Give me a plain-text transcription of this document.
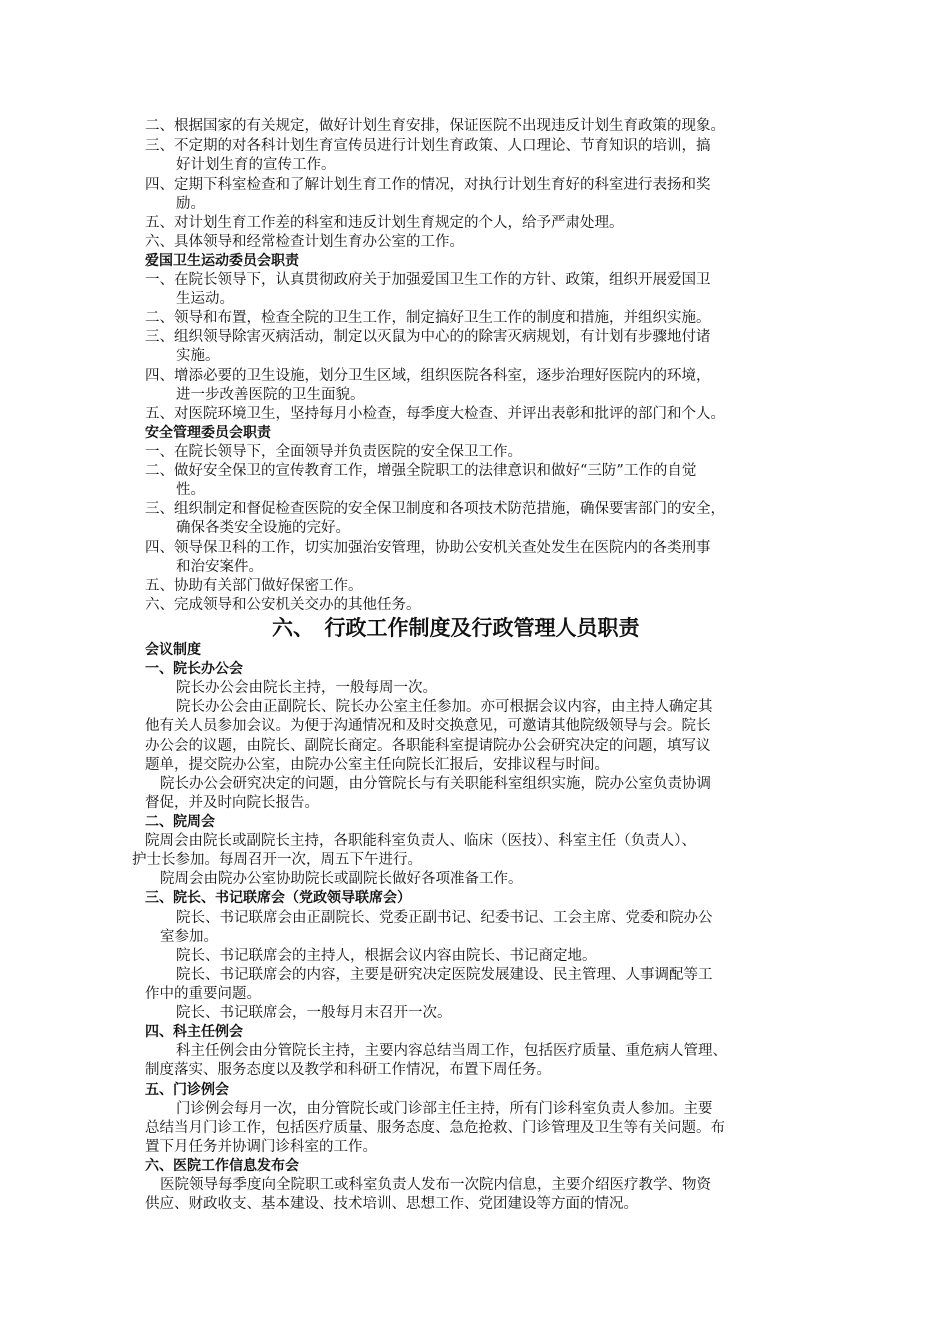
二、根据国家的有关规定，做好计划生育安排，保证医院不出现违反计划生育政策的现象。
三、不定期的对各科计划生育宣传员进行计划生育政策、人口理论、节育知识的培训，搞
好计划生育的宣传工作。
四、定期下科室检查和了解计划生育工作的情况，对执行计划生育好的科室进行表扬和奖
励。
五、对计划生育工作差的科室和违反计划生育规定的个人，给予严肃处理。
六、具体领导和经常检查计划生育办公室的工作。
爱国卫生运动委员会职责
一、在院长领导下，认真贯彻政府关于加强爱国卫生工作的方针、政策，组织开展爱国卫
生运动。
二、领导和布置，检查全院的卫生工作，制定搞好卫生工作的制度和措施，并组织实施。
三、组织领导除害灭病活动，制定以灭鼠为中心的的除害灭病规划，有计划有步骤地付诸
实施。
四、增添必要的卫生设施，划分卫生区域，组织医院各科室，逐步治理好医院内的环境，
进一步改善医院的卫生面貌。
五、对医院环境卫生，坚持每月小检查，每季度大检查、并评出表彰和批评的部门和个人。
安全管理委员会职责
一、在院长领导下，全面领导并负责医院的安全保卫工作。
二、做好安全保卫的宣传教育工作，增强全院职工的法律意识和做好“三防”工作的自觉
性。
三、组织制定和督促检查医院的安全保卫制度和各项技术防范措施，确保要害部门的安全，
确保各类安全设施的完好。
四、领导保卫科的工作，切实加强治安管理，协助公安机关查处发生在医院内的各类刑事
和治安案件。
五、协助有关部门做好保密工作。
六、完成领导和公安机关交办的其他任务。
六、　行政工作制度及行政管理人员职责
会议制度
一、院长办公会
院长办公会由院长主持，一般每周一次。
院长办公会由正副院长、院长办公室主任参加。亦可根据会议内容，由主持人确定其
他有关人员参加会议。为便于沟通情况和及时交换意见，可邀请其他院级领导与会。院长
办公会的议题，由院长、副院长商定。各职能科室提请院办公会研究决定的问题，填写议
题单，提交院办公室，由院办公室主任向院长汇报后，安排议程与时间。
院长办公会研究决定的问题，由分管院长与有关职能科室组织实施，院办公室负责协调
督促，并及时向院长报告。
二、院周会
院周会由院长或副院长主持，各职能科室负责人、临床（医技）、科室主任（负责人）、
护士长参加。每周召开一次，周五下午进行。
院周会由院办公室协助院长或副院长做好各项准备工作。
三、院长、书记联席会（党政领导联席会）
院长、书记联席会由正副院长、党委正副书记、纪委书记、工会主席、党委和院办公
室参加。
院长、书记联席会的主持人，根据会议内容由院长、书记商定地。
院长、书记联席会的内容，主要是研究决定医院发展建设、民主管理、人事调配等工
作中的重要问题。
院长、书记联席会，一般每月末召开一次。
四、科主任例会
科主任例会由分管院长主持，主要内容总结当周工作，包括医疗质量、重危病人管理、
制度落实、服务态度以及教学和科研工作情况，布置下周任务。
五、门诊例会
门诊例会每月一次，由分管院长或门诊部主任主持，所有门诊科室负责人参加。主要
总结当月门诊工作，包括医疗质量、服务态度、急危抢救、门诊管理及卫生等有关问题。布
置下月任务并协调门诊科室的工作。
六、医院工作信息发布会
医院领导每季度向全院职工或科室负责人发布一次院内信息，主要介绍医疗教学、物资
供应、财政收支、基本建设、技术培训、思想工作、党团建设等方面的情况。
